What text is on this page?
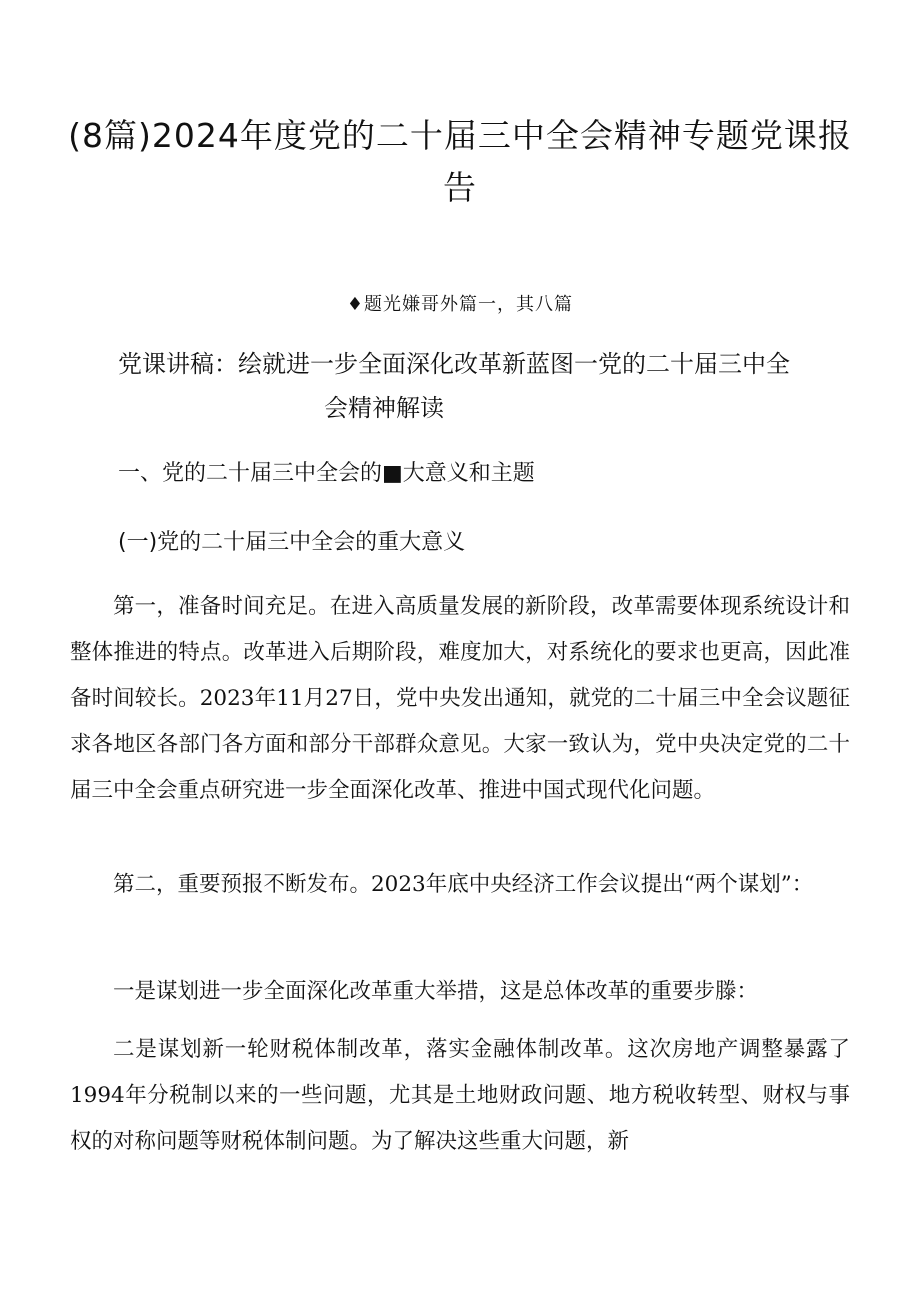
(8篇)2024年度党的二十届三中全会精神专题党课报告
♦题光嫌哥外篇一，其八篇
党课讲稿：绘就进一步全面深化改革新蓝图一党的二十届三中全
会精神解读
一、党的二十届三中全会的■大意义和主题
(一)党的二十届三中全会的重大意义

第一，准备时间充足。在进入高质量发展的新阶段，改革需要体现系统设计和整体推进的特点。改革进入后期阶段，难度加大，对系统化的要求也更高，因此准备时间较长。2023年11月27日，党中央发出通知，就党的二十届三中全会议题征求各地区各部门各方面和部分干部群众意见。大家一致认为，党中央决定党的二十届三中全会重点研究进一步全面深化改革、推进中国式现代化问题。

第二，重要预报不断发布。2023年底中央经济工作会议提出“两个谋划”：

一是谋划进一步全面深化改革重大举措，这是总体改革的重要步滕：

二是谋划新一轮财税体制改革，落实金融体制改革。这次房地产调整暴露了1994年分税制以来的一些问题，尤其是土地财政问题、地方税收转型、财权与事权的对称问题等财税体制问题。为了解决这些重大问题，新
